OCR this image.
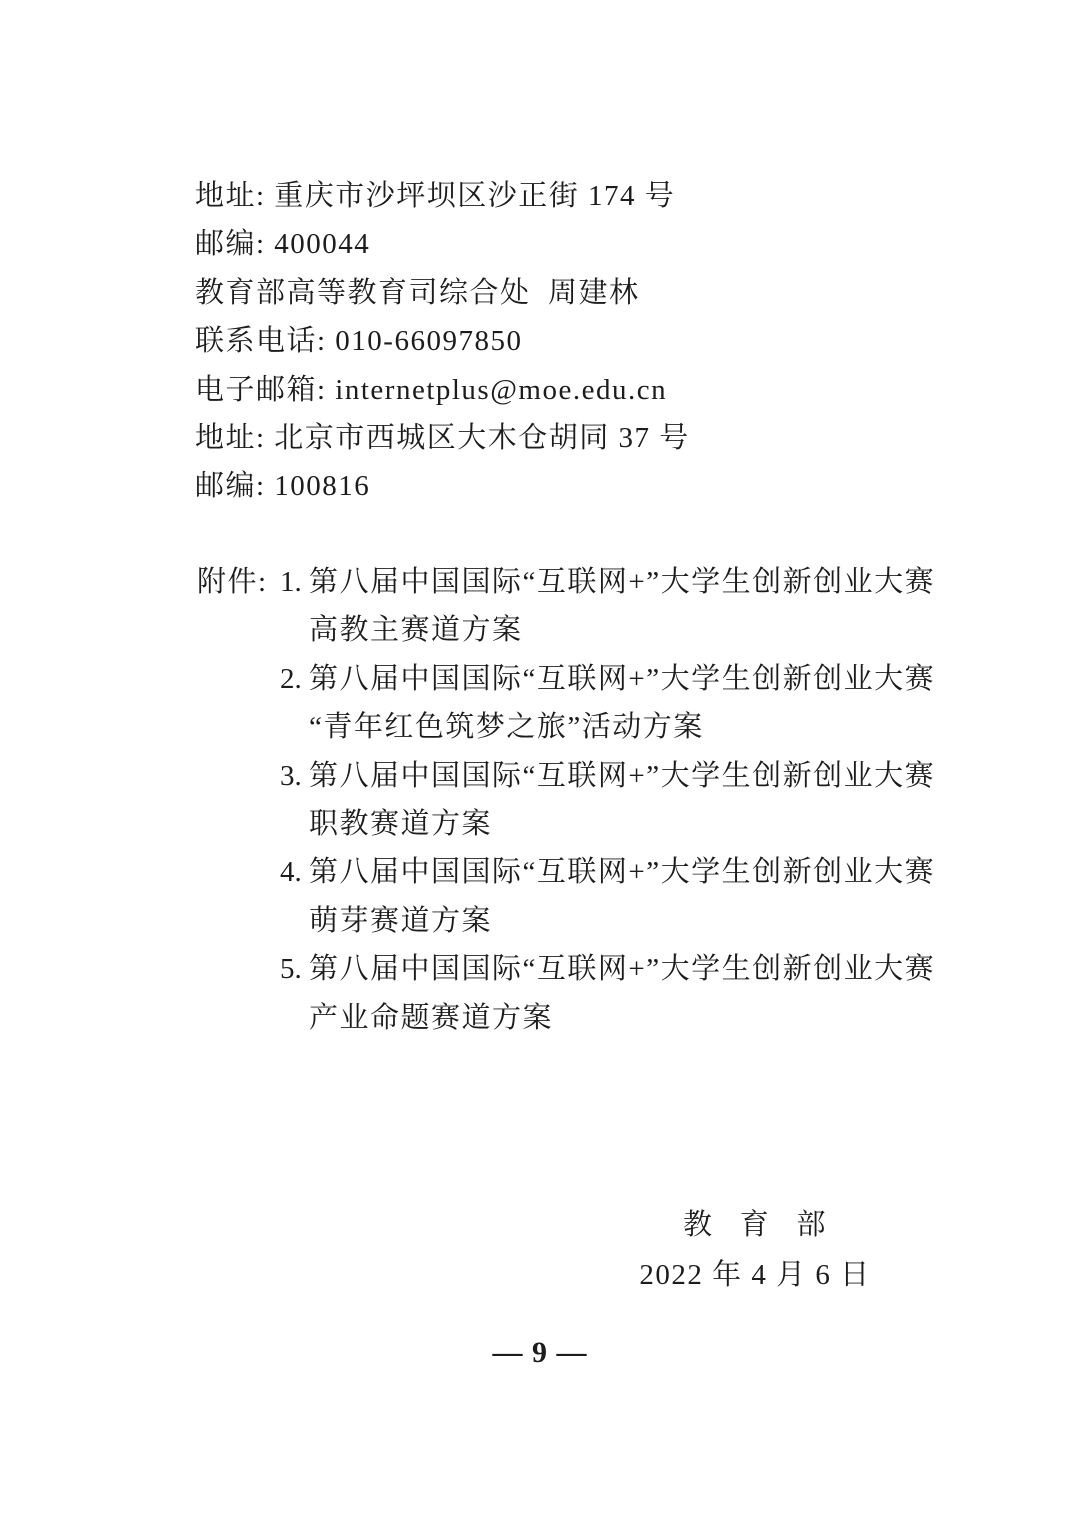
地址: 重庆市沙坪坝区沙正街 174 号
邮编: 400044
教育部高等教育司综合处  周建林
联系电话: 010-66097850
电子邮箱: internetplus@moe.edu.cn
地址: 北京市西城区大木仓胡同 37 号
邮编: 100816
附件: 1. 第八届中国国际“互联网+”大学生创新创业大赛
高教主赛道方案
2. 第八届中国国际“互联网+”大学生创新创业大赛
“青年红色筑梦之旅”活动方案
3. 第八届中国国际“互联网+”大学生创新创业大赛
职教赛道方案
4. 第八届中国国际“互联网+”大学生创新创业大赛
萌芽赛道方案
5. 第八届中国国际“互联网+”大学生创新创业大赛
产业命题赛道方案
教   育   部
2022 年 4 月 6 日
— 9 —
